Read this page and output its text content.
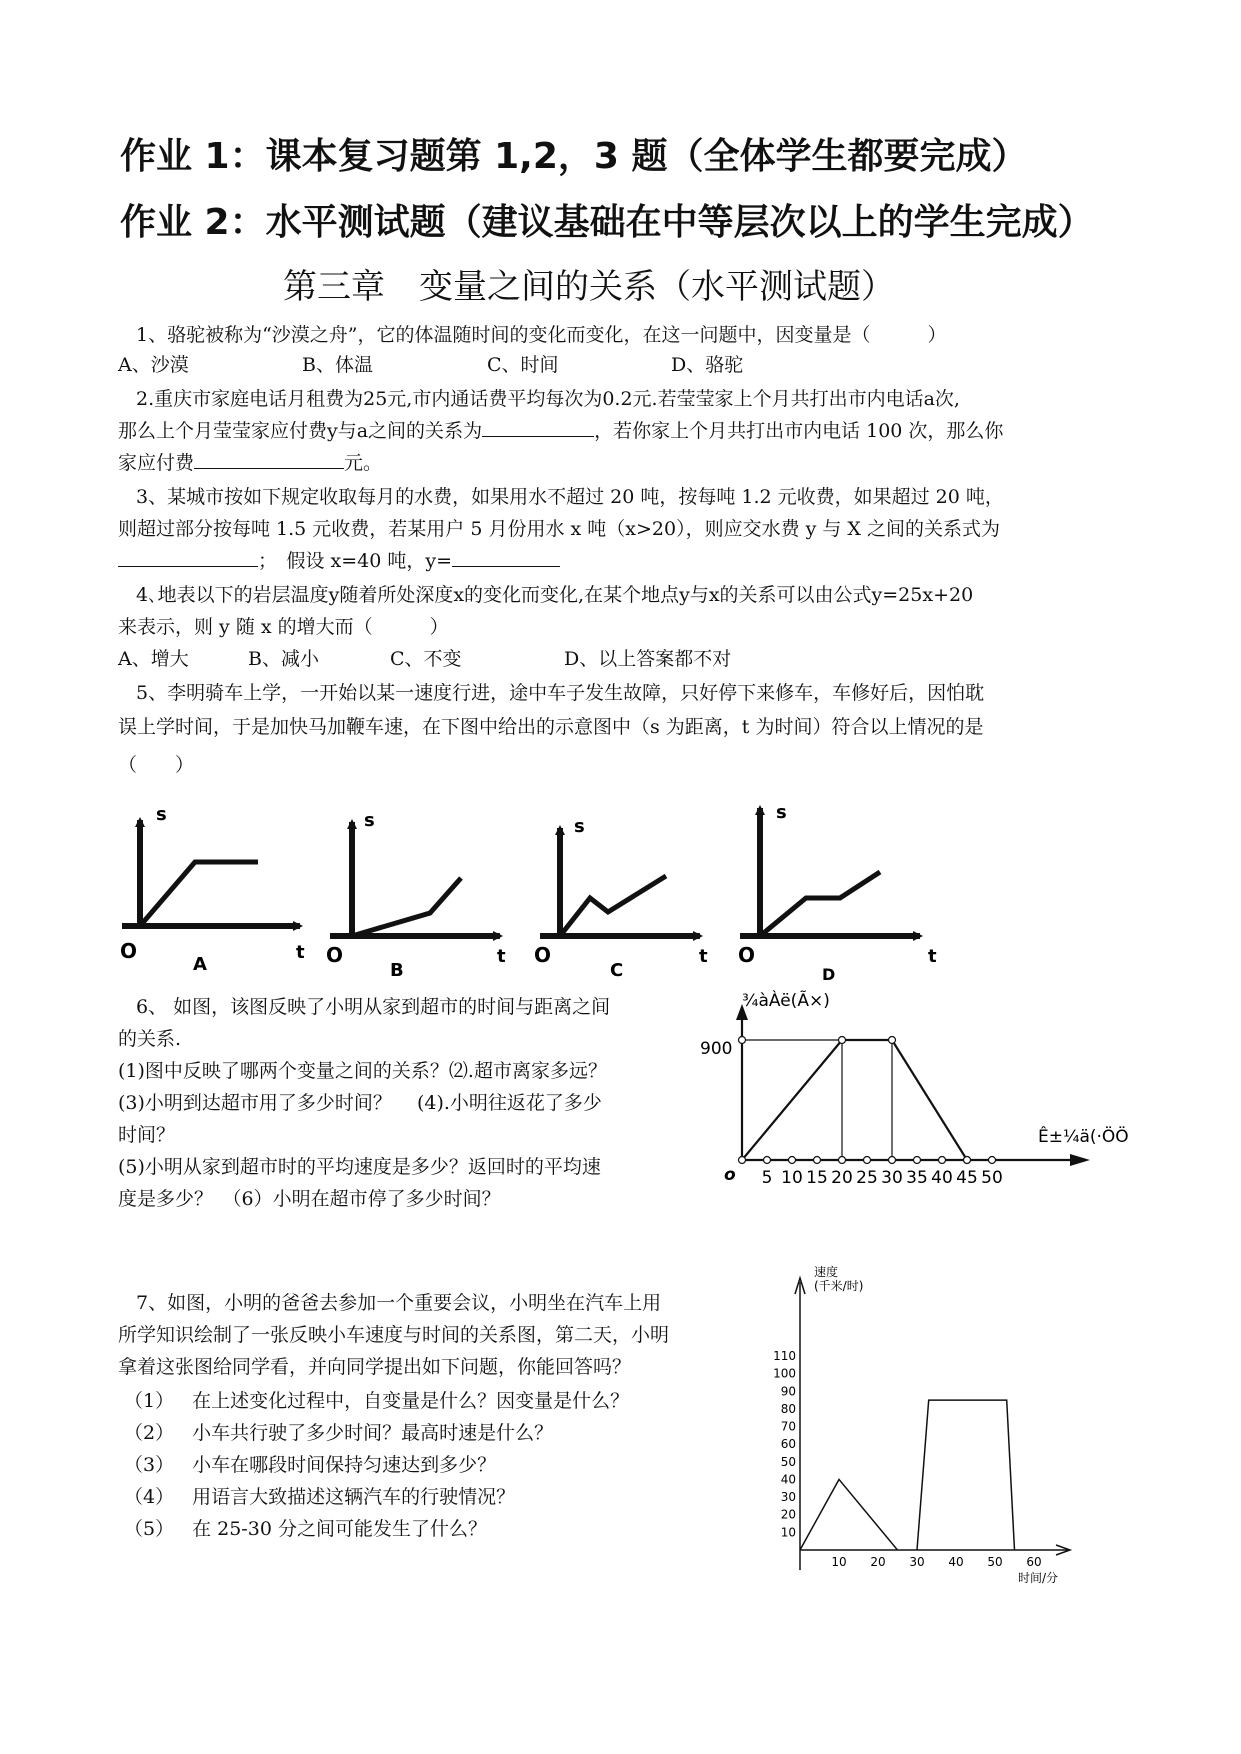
作业 1：课本复习题第 1,2，3 题（全体学生都要完成）
作业 2：水平测试题（建议基础在中等层次以上的学生完成）
第三章　变量之间的关系（水平测试题）
1、骆驼被称为“沙漠之舟”，它的体温随时间的变化而变化，在这一问题中，因变量是（　　　）
A、沙漠	B、体温	C、时间	D、骆驼
2.重庆市家庭电话月租费为25元,市内通话费平均每次为0.2元.若莹莹家上个月共打出市内电话a次,
那么上个月莹莹家应付费y与a之间的关系为	，若你家上个月共打出市内电话 100 次，那么你
家应付费	元。
3、某城市按如下规定收取每月的水费，如果用水不超过 20 吨，按每吨 1.2 元收费，如果超过 20 吨，
则超过部分按每吨 1.5 元收费，若某用户 5 月份用水 x 吨（x>20），则应交水费 y 与 X 之间的关系式为
；　假设 x=40 吨，y=
4､地表以下的岩层温度y随着所处深度x的变化而变化,在某个地点y与x的关系可以由公式y=25x+20
来表示，则 y 随 x 的增大而（　　　）
A、增大	B、减小	C、不变	D、以上答案都不对
5、李明骑车上学，一开始以某一速度行进，途中车子发生故障，只好停下来修车，车修好后，因怕耽
误上学时间，于是加快马加鞭车速，在下图中给出的示意图中（s 为距离，t 为时间）符合以上情况的是
（　　）
s
O	t
A
s
O	t
B
s
O	t
C
s
O	t
D
6、 如图，该图反映了小明从家到超市的时间与距离之间
的关系.
(1)图中反映了哪两个变量之间的关系？⑵.超市离家多远？
(3)小明到达超市用了多少时间？　 (4).小明往返花了多少
时间？
(5)小明从家到超市时的平均速度是多少？返回时的平均速
度是多少？　（6）小明在超市停了多少时间？
¾àÀë(Ã×)
Ê±¼ä(·ÖÖ
o
900
5 10 15 20 25 30 35 40 45 50
7、如图，小明的爸爸去参加一个重要会议，小明坐在汽车上用
所学知识绘制了一张反映小车速度与时间的关系图，第二天，小明
拿着这张图给同学看，并向同学提出如下问题，你能回答吗？
（1） 在上述变化过程中，自变量是什么？因变量是什么？
（2） 小车共行驶了多少时间？最高时速是什么？
（3） 小车在哪段时间保持匀速达到多少？
（4） 用语言大致描述这辆汽车的行驶情况？
（5） 在 25-30 分之间可能发生了什么？
速度
(千米/时)
时间/分
10
20
30
40
50
60
70
80
90
100
110
10 20 30 40 50 60
